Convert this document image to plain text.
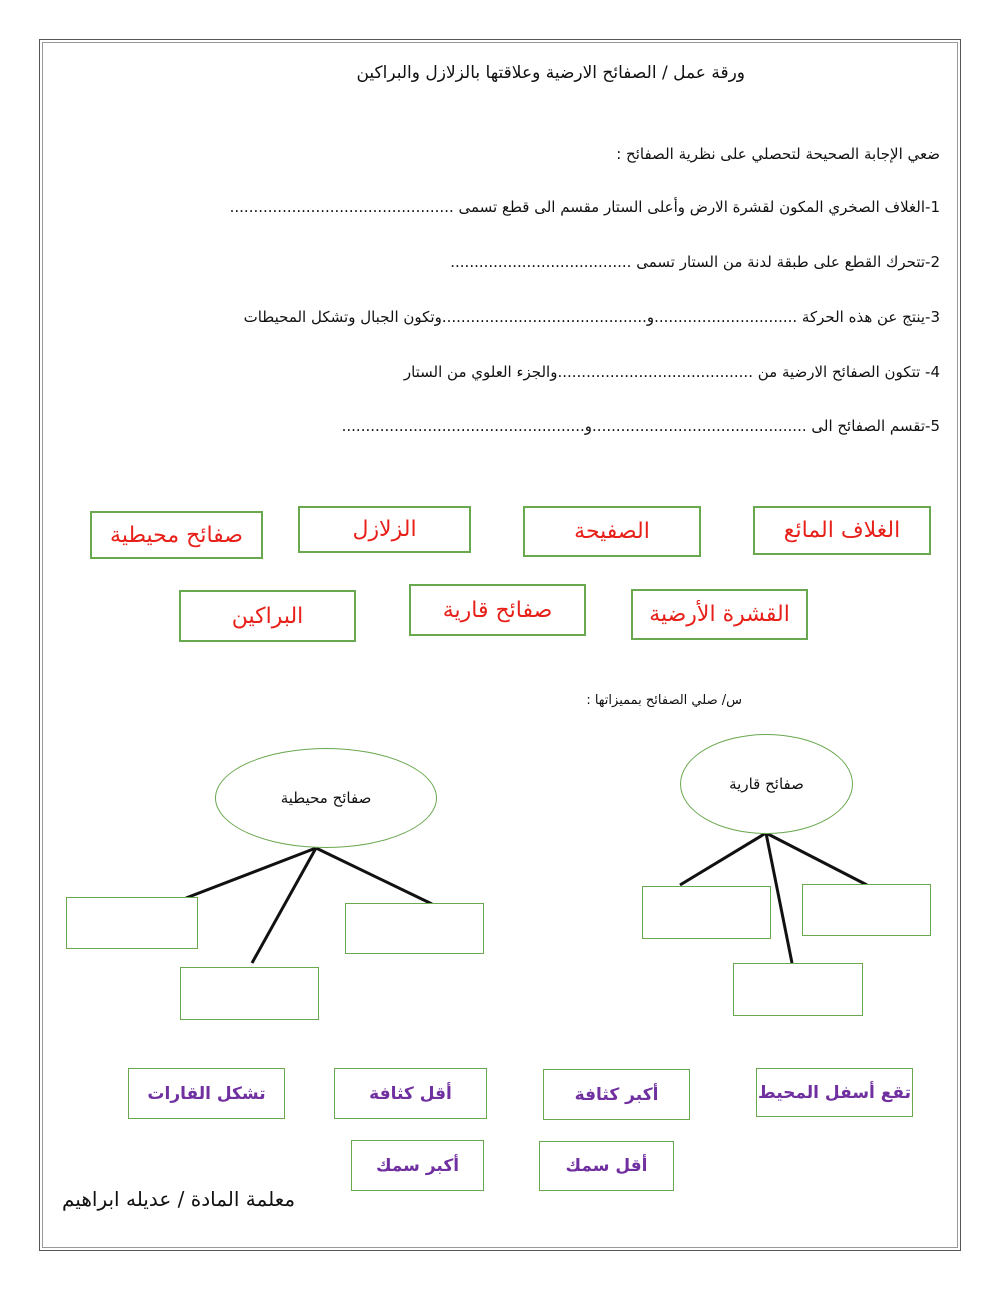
ورقة عمل / الصفائح الارضية وعلاقتها بالزلازل والبراكين
ضعي الإجابة الصحيحة لتحصلي على نظرية الصفائح :
1-الغلاف الصخري المكون لقشرة الارض وأعلى الستار مقسم الى قطع تسمى ...............................................
2-تتحرك القطع على طبقة لدنة من الستار تسمى ......................................
3-ينتج عن هذه الحركة ..............................و...........................................وتكون الجبال وتشكل المحيطات
4- تتكون الصفائح الارضية من .........................................والجزء العلوي من الستار
5-تقسم الصفائح الى .............................................و...................................................
الغلاف المائع
الصفيحة
الزلازل
صفائح محيطية
القشرة الأرضية
صفائح قارية
البراكين
س/ صلي الصفائح بمميزاتها :
صفائح محيطية
صفائح قارية
تقع أسفل المحيط
أكبر كثافة
أقل كثافة
تشكل القارات
أقل سمك
أكبر سمك
معلمة المادة / عديله ابراهيم
